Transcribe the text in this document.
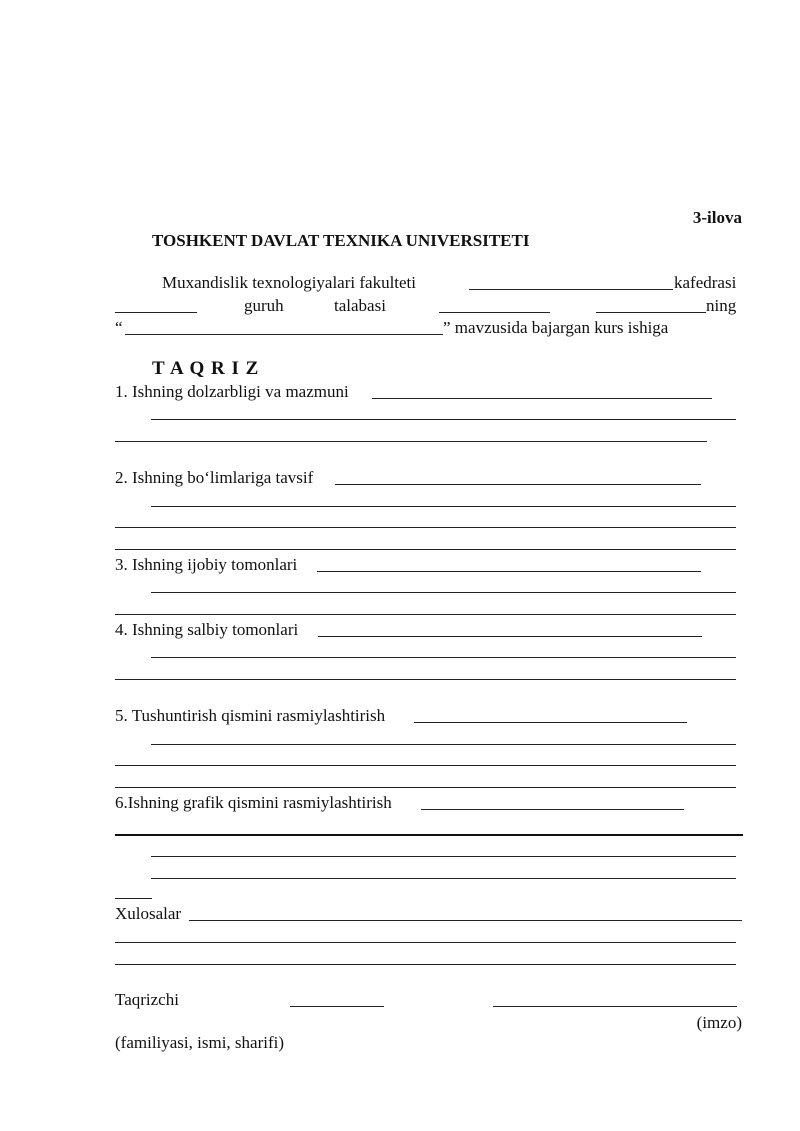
3-ilova
TOSHKENT DAVLAT TEXNIKA UNIVERSITETI
Muxandislik texnologiyalari fakulteti	kafedrasi
guruh	talabasi	ning
“	” mavzusida bajargan kurs ishiga
T A Q R I Z
1. Ishning dolzarbligi va mazmuni
2. Ishning bo‘limlariga tavsif
3. Ishning ijobiy tomonlari
4. Ishning salbiy tomonlari
5. Tushuntirish qismini rasmiylashtirish
6.Ishning grafik qismini rasmiylashtirish
Xulosalar
Taqrizchi
(imzo)
(familiyasi, ismi, sharifi)
